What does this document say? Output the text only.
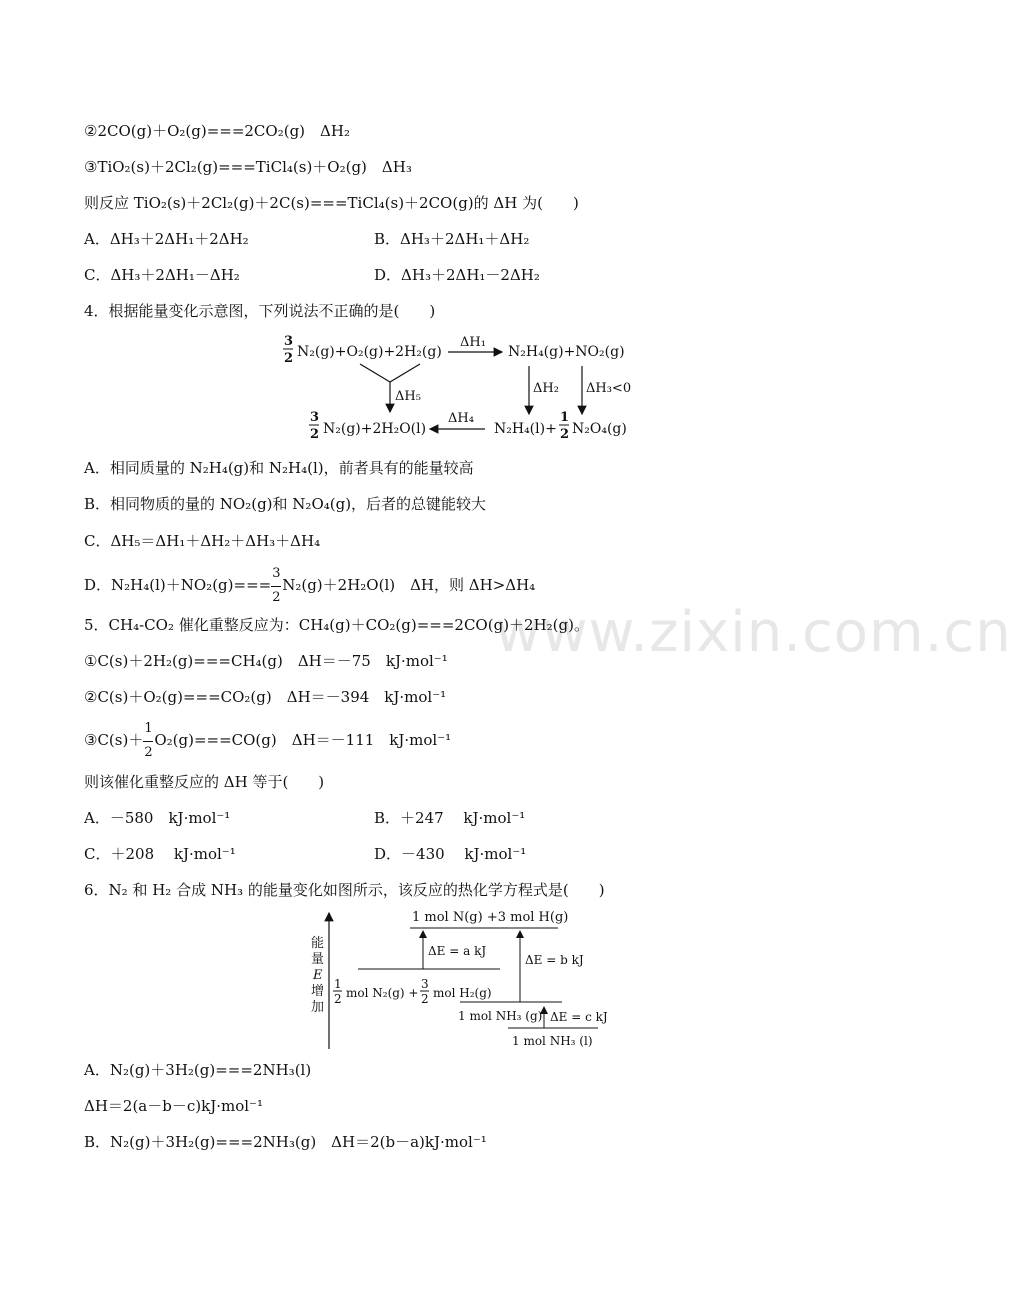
www.zixin.com.cn
②2CO(g)＋O₂(g)===2CO₂(g)　ΔH₂
③TiO₂(s)＋2Cl₂(g)===TiCl₄(s)＋O₂(g)　ΔH₃
则反应 TiO₂(s)＋2Cl₂(g)＋2C(s)===TiCl₄(s)＋2CO(g)的 ΔH 为(　　)
A．ΔH₃＋2ΔH₁＋2ΔH₂	B．ΔH₃＋2ΔH₁＋ΔH₂
C．ΔH₃＋2ΔH₁－ΔH₂	D．ΔH₃＋2ΔH₁－2ΔH₂
4．根据能量变化示意图，下列说法不正确的是(　　)
3
2 N₂(g)+O₂(g)+2H₂(g)
ΔH₁
N₂H₄(g)+NO₂(g)
ΔH₅
ΔH₂ ΔH₃<0
3
2 N₂(g)+2H₂O(l)
ΔH₄
N₂H₄(l)+
1
2 N₂O₄(g)
A．相同质量的 N₂H₄(g)和 N₂H₄(l)，前者具有的能量较高
B．相同物质的量的 NO₂(g)和 N₂O₄(g)，后者的总键能较大
C．ΔH₅＝ΔH₁＋ΔH₂＋ΔH₃＋ΔH₄
D．$N_2H_4(l)+NO_2(g)=== \frac{3}{2} N_2(g)+2H_2O(l)$　ΔH，则 ΔH>ΔH₄
5．CH₄-CO₂ 催化重整反应为：CH₄(g)＋CO₂(g)===2CO(g)＋2H₂(g)。
①C(s)＋2H₂(g)===CH₄(g)　ΔH＝－75　kJ·mol⁻¹
②C(s)＋O₂(g)===CO₂(g)　ΔH＝－394　kJ·mol⁻¹
③C(s)＋ $\frac{1}{2} O_2(g)===CO(g)$　ΔH＝－111　kJ·mol⁻¹
则该催化重整反应的 ΔH 等于(　　)
A．－580　kJ·mol⁻¹	B．＋247　 kJ·mol⁻¹
C．＋208　 kJ·mol⁻¹	D．－430　 kJ·mol⁻¹
6．N₂ 和 H₂ 合成 NH₃ 的能量变化如图所示，该反应的热化学方程式是(　　)
能
量
E
增
加
1 mol N(g) +3 mol H(g)
ΔE = a kJ
1
2 mol N₂(g) +
3
2 mol H₂(g)
ΔE = b kJ
1 mol NH₃ (g) ΔE = c kJ
1 mol NH₃ (l)
A．N₂(g)＋3H₂(g)===2NH₃(l)
ΔH＝2(a－b－c)kJ·mol⁻¹
B．N₂(g)＋3H₂(g)===2NH₃(g)　ΔH＝2(b－a)kJ·mol⁻¹
